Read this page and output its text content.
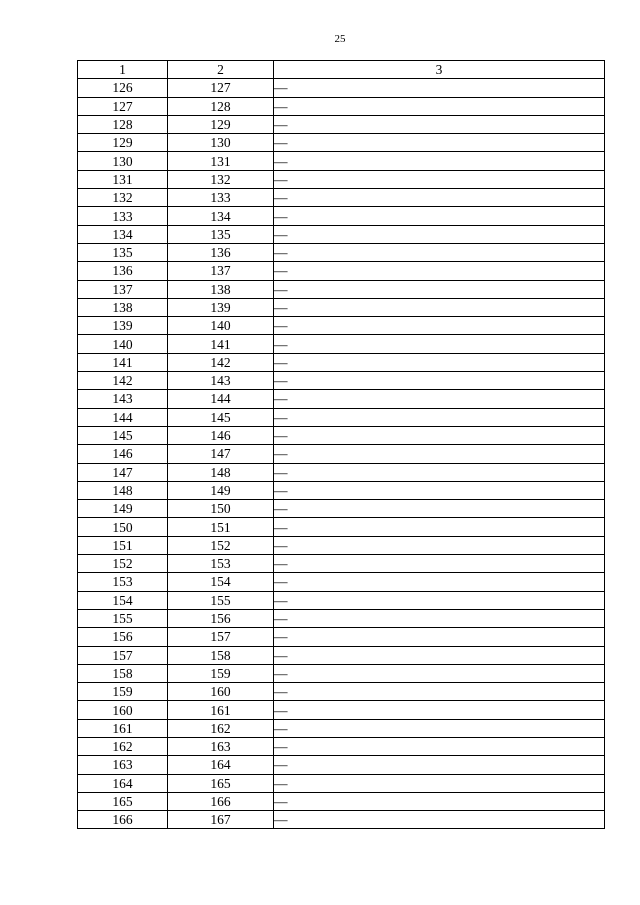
25
1	2	3
126	127	—
127	128	—
128	129	—
129	130	—
130	131	—
131	132	—
132	133	—
133	134	—
134	135	—
135	136	—
136	137	—
137	138	—
138	139	—
139	140	—
140	141	—
141	142	—
142	143	—
143	144	—
144	145	—
145	146	—
146	147	—
147	148	—
148	149	—
149	150	—
150	151	—
151	152	—
152	153	—
153	154	—
154	155	—
155	156	—
156	157	—
157	158	—
158	159	—
159	160	—
160	161	—
161	162	—
162	163	—
163	164	—
164	165	—
165	166	—
166	167	—
